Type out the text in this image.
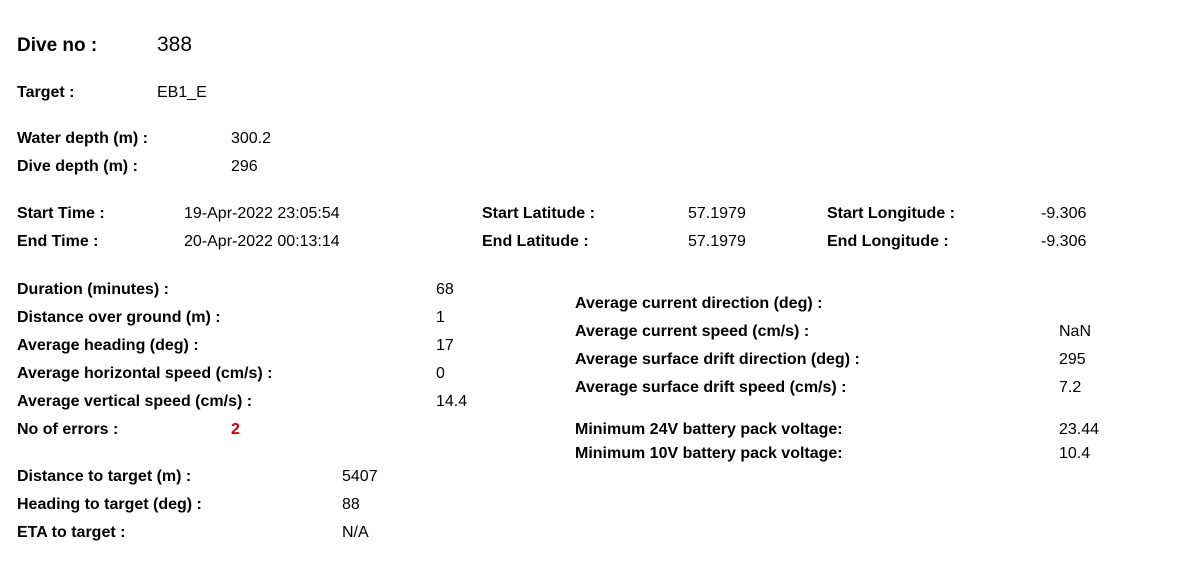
Dive no :	388
Target :	EB1_E
Water depth (m) :	300.2
Dive depth (m) :	296
Start Time :	19-Apr-2022 23:05:54
End Time :	20-Apr-2022 00:13:14
Start Latitude :	57.1979
End Latitude :	57.1979
Start Longitude :	-9.306
End Longitude :	-9.306
Duration (minutes) :	68
Distance over ground (m) :	1
Average heading (deg) :	17
Average horizontal speed (cm/s) :	0
Average vertical speed (cm/s) :	14.4
No of errors :	2
Distance to target (m) :	5407
Heading to target (deg) :	88
ETA to target :	N/A
Average current direction (deg) :
Average current speed (cm/s) :	NaN
Average surface drift direction (deg) :	295
Average surface drift speed (cm/s) :	7.2
Minimum 24V battery pack voltage:	23.44
Minimum 10V battery pack voltage:	10.4
